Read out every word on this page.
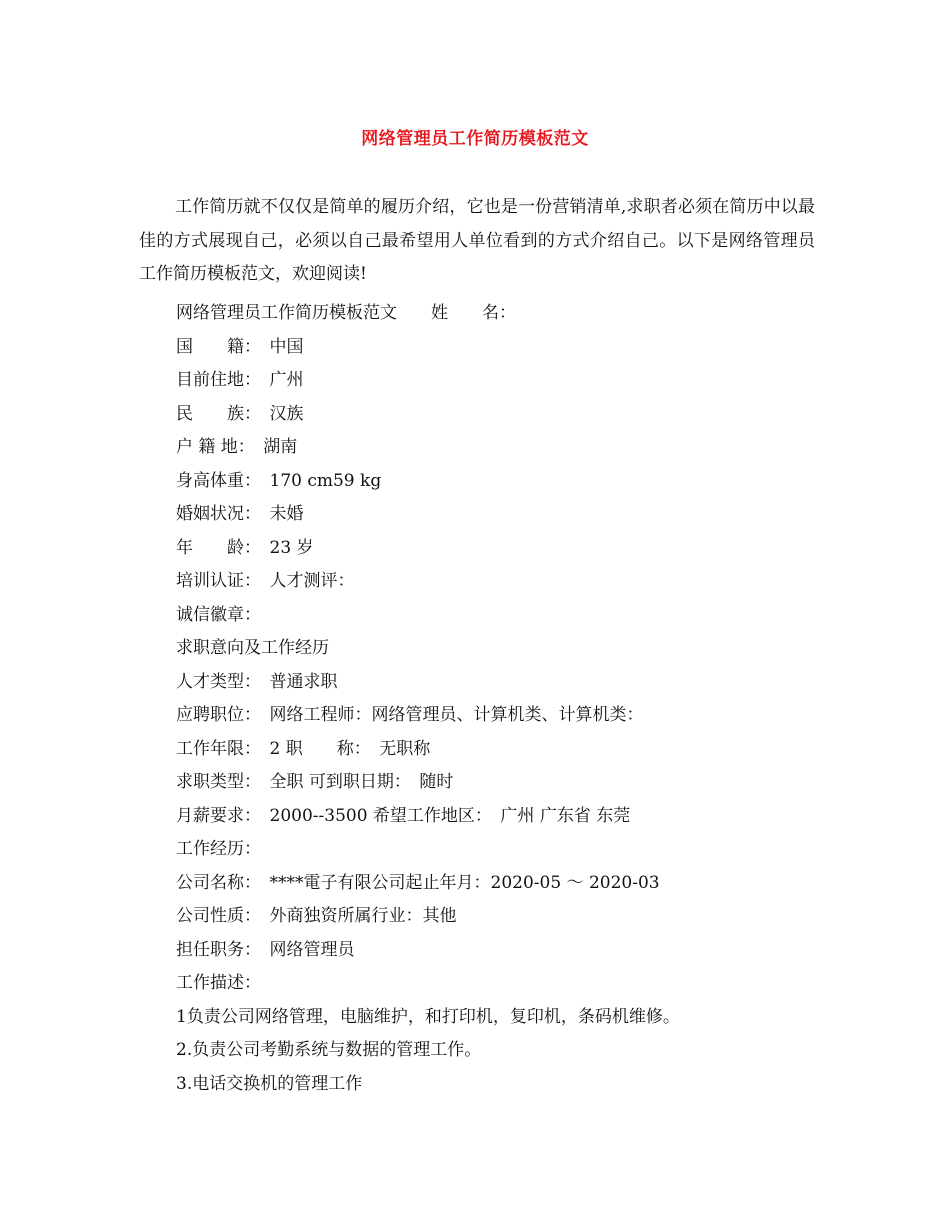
网络管理员工作简历模板范文

工作简历就不仅仅是简单的履历介绍，它也是一份营销清单,求职者必须在简历中以最佳的方式展现自己，必须以自己最希望用人单位看到的方式介绍自己。以下是网络管理员工作简历模板范文，欢迎阅读!

网络管理员工作简历模板范文　　姓　　名：
国　　籍：　中国
目前住地：　广州
民　　族：　汉族
户 籍 地：　湖南
身高体重：　170 cm59 kg
婚姻状况：　未婚
年　　龄：　23 岁
培训认证：　人才测评：
诚信徽章：
求职意向及工作经历
人才类型：　普通求职
应聘职位：　网络工程师：网络管理员、计算机类、计算机类：
工作年限：　2 职　　称：　无职称
求职类型：　全职 可到职日期：　随时
月薪要求：　2000--3500 希望工作地区：　广州 广东省 东莞
工作经历：
公司名称：　****電子有限公司起止年月：2020-05 ～ 2020-03
公司性质：　外商独资所属行业：其他
担任职务：　网络管理员
工作描述：
1负责公司网络管理，电脑维护，和打印机，复印机，条码机维修。
2.负责公司考勤系统与数据的管理工作。
3.电话交换机的管理工作
